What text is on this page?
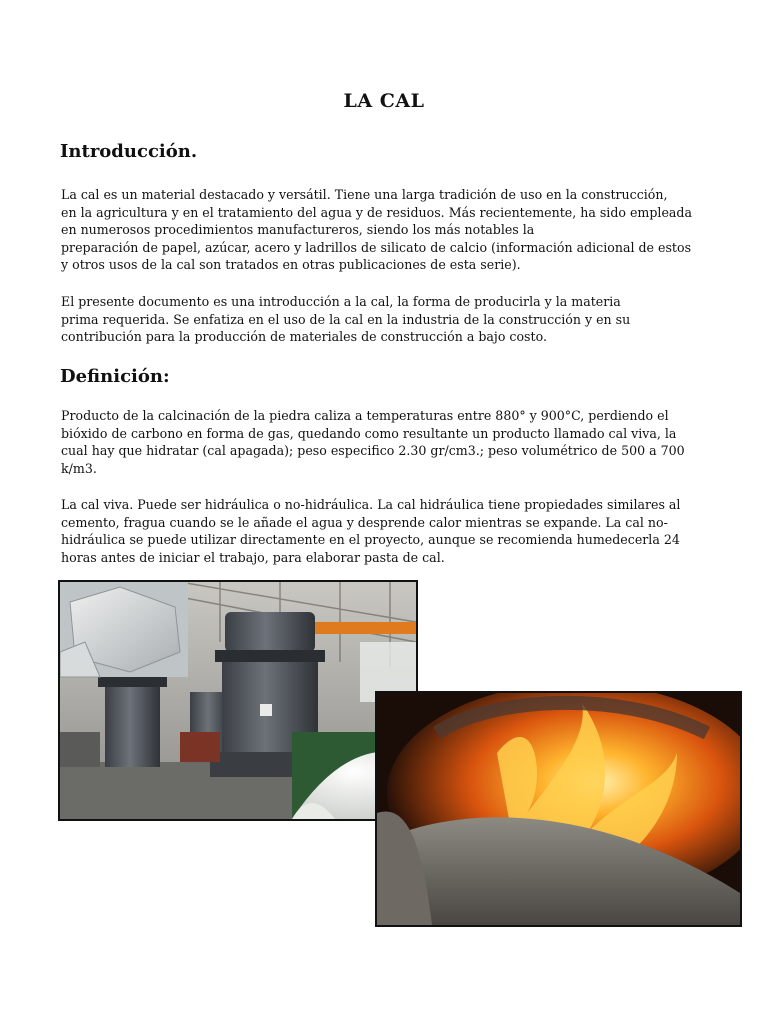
LA CAL
Introducción.
La cal es un material destacado y versátil. Tiene una larga tradición de uso en la construcción,
en la agricultura y en el tratamiento del agua y de residuos. Más recientemente, ha sido empleada
en numerosos procedimientos manufactureros, siendo los más notables la
preparación de papel, azúcar, acero y ladrillos de silicato de calcio (información adicional de estos
y otros usos de la cal son tratados en otras publicaciones de esta serie).
El presente documento es una introducción a la cal, la forma de producirla y la materia
prima requerida. Se enfatiza en el uso de la cal en la industria de la construcción y en su
contribución para la producción de materiales de construcción a bajo costo.
Definición:
Producto de la calcinación de la piedra caliza a temperaturas entre 880° y 900°C, perdiendo el
bióxido de carbono en forma de gas, quedando como resultante un producto llamado cal viva, la
cual hay que hidratar (cal apagada); peso especifico 2.30 gr/cm3.; peso volumétrico de 500 a 700
k/m3.
La cal viva. Puede ser hidráulica o no-hidráulica. La cal hidráulica tiene propiedades similares al
cemento, fragua cuando se le añade el agua y desprende calor mientras se expande. La cal no-
hidráulica se puede utilizar directamente en el proyecto, aunque se recomienda humedecerla 24
horas antes de iniciar el trabajo, para elaborar pasta de cal.
